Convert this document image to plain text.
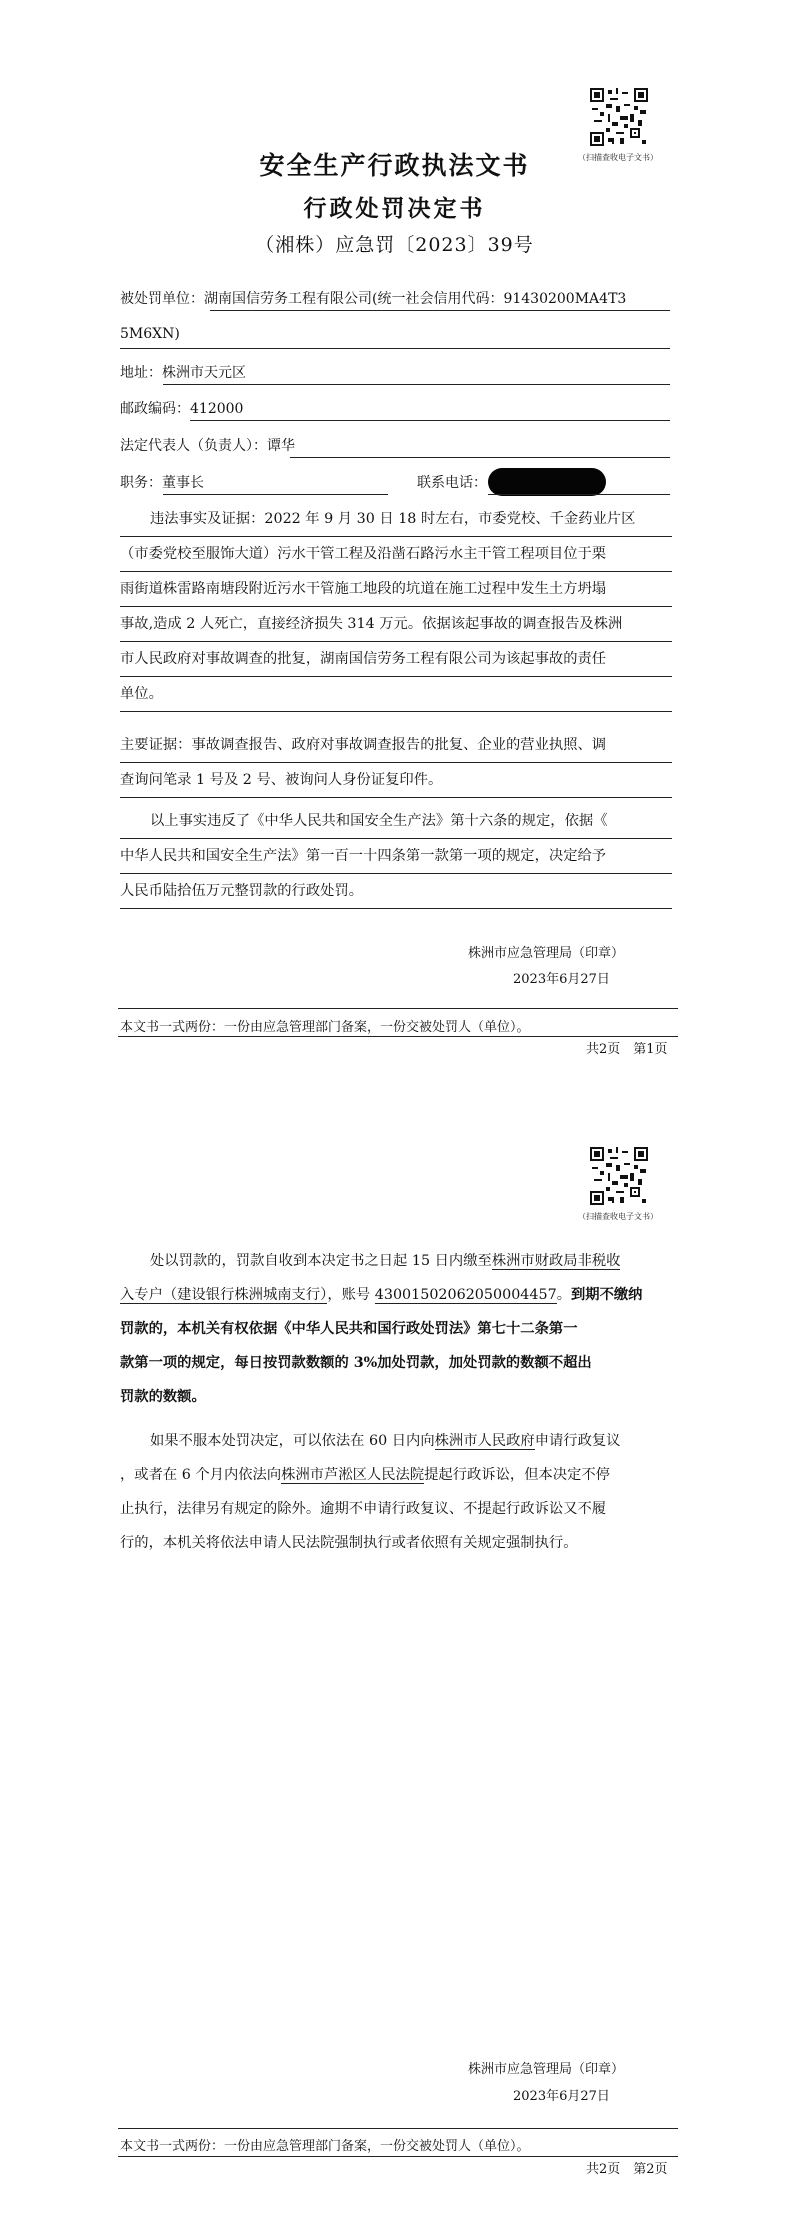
（扫描查收电子文书）
安全生产行政执法文书
行政处罚决定书
（湘株）应急罚〔2023〕39号
被处罚单位：湖南国信劳务工程有限公司(统一社会信用代码：91430200MA4T3
5M6XN)
地址：株洲市天元区
邮政编码：412000
法定代表人（负责人）：谭华
职务：董事长	联系电话：
违法事实及证据：2022 年 9 月 30 日 18 时左右，市委党校、千金药业片区
（市委党校至服饰大道）污水干管工程及沿凿石路污水主干管工程项目位于栗
雨街道株雷路南塘段附近污水干管施工地段的坑道在施工过程中发生土方坍塌
事故,造成 2 人死亡，直接经济损失 314 万元。依据该起事故的调查报告及株洲
市人民政府对事故调查的批复，湖南国信劳务工程有限公司为该起事故的责任
单位。
主要证据：事故调查报告、政府对事故调查报告的批复、企业的营业执照、调
查询问笔录 1 号及 2 号、被询问人身份证复印件。
以上事实违反了《中华人民共和国安全生产法》第十六条的规定，依据《
中华人民共和国安全生产法》第一百一十四条第一款第一项的规定，决定给予
人民币陆拾伍万元整罚款的行政处罚。
株洲市应急管理局（印章）
2023年6月27日
本文书一式两份：一份由应急管理部门备案，一份交被处罚人（单位）。
共2页　第1页
（扫描查收电子文书）
处以罚款的，罚款自收到本决定书之日起 15 日内缴至株洲市财政局非税收
入专户（建设银行株洲城南支行），账号 43001502062050004457。到期不缴纳
罚款的，本机关有权依据《中华人民共和国行政处罚法》第七十二条第一
款第一项的规定，每日按罚款数额的 3%加处罚款，加处罚款的数额不超出
罚款的数额。
如果不服本处罚决定，可以依法在 60 日内向株洲市人民政府申请行政复议
，或者在 6 个月内依法向株洲市芦淞区人民法院提起行政诉讼，但本决定不停
止执行，法律另有规定的除外。逾期不申请行政复议、不提起行政诉讼又不履
行的，本机关将依法申请人民法院强制执行或者依照有关规定强制执行。
株洲市应急管理局（印章）
2023年6月27日
本文书一式两份：一份由应急管理部门备案，一份交被处罚人（单位）。
共2页　第2页
